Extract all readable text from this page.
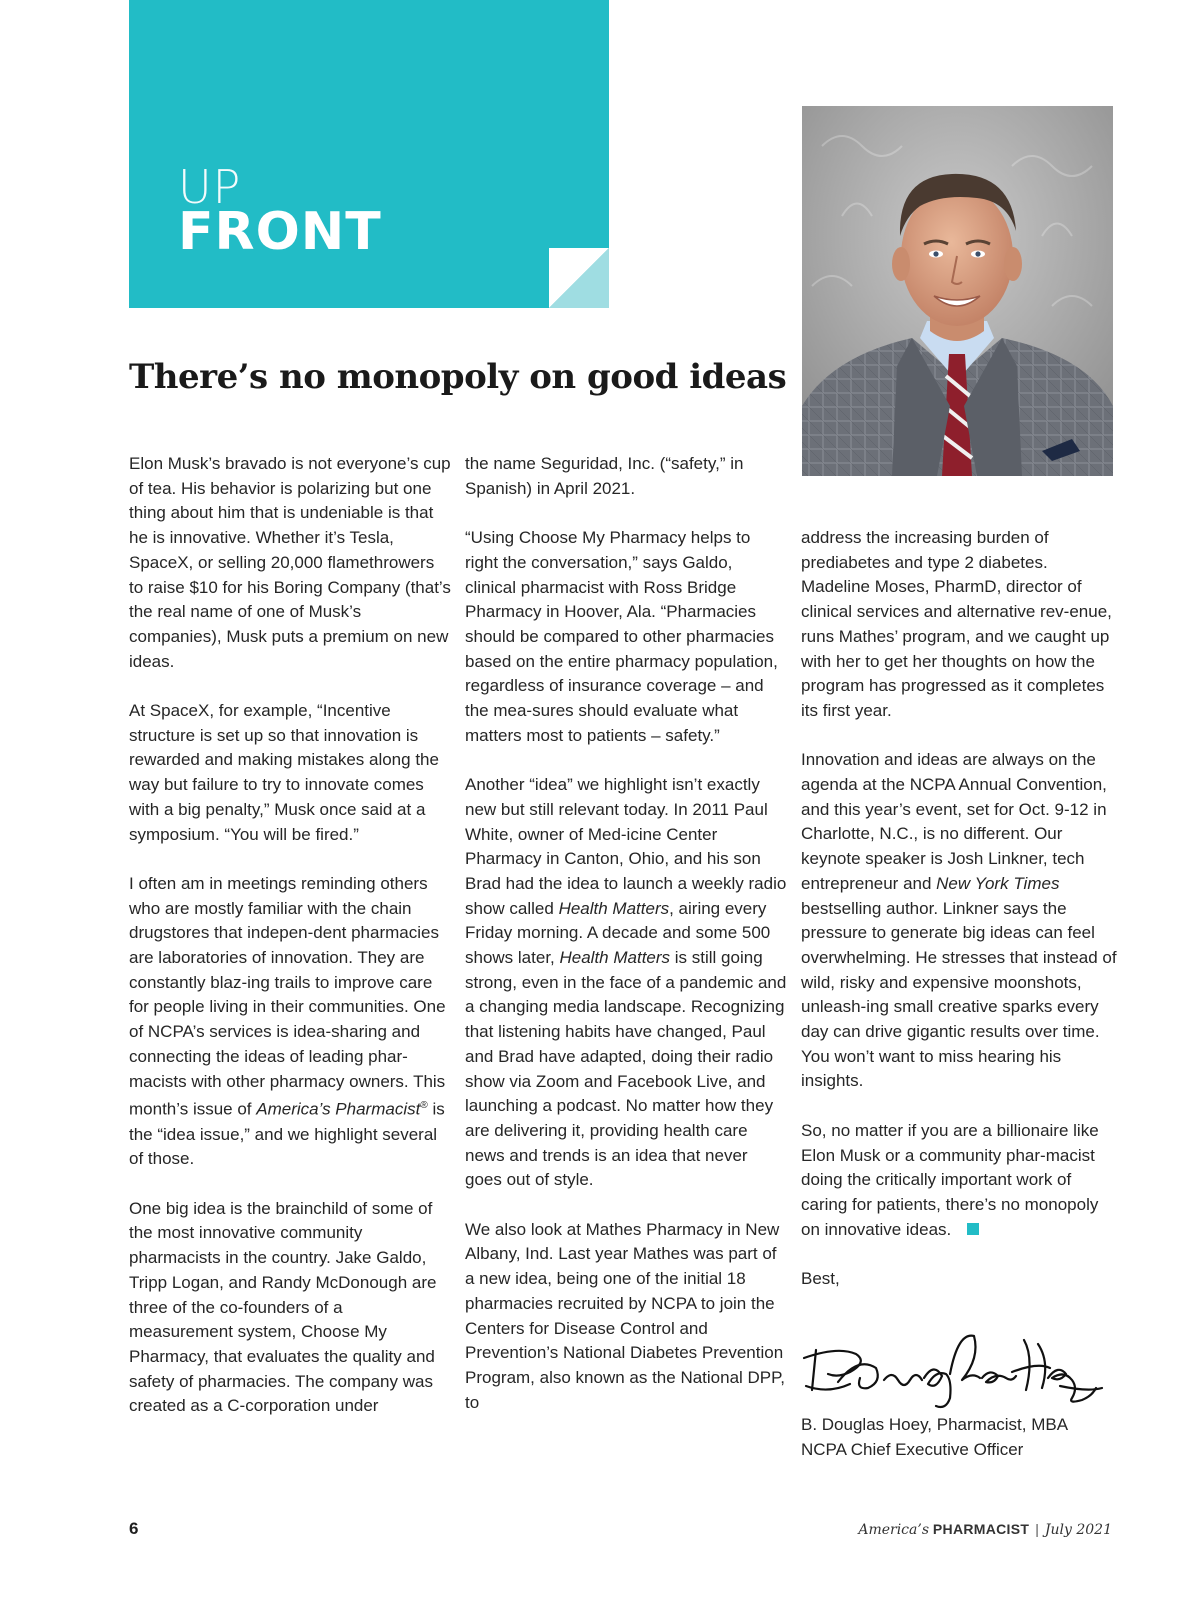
UP
FRONT
There’s no monopoly on good ideas

Elon Musk’s bravado is not everyone’s cup of tea. His behavior is polarizing but one thing about him that is undeniable is that he is innovative. Whether it’s Tesla, SpaceX, or selling 20,000 flamethrowers to raise $10 for his Boring Company (that’s the real name of one of Musk’s companies), Musk puts a premium on new ideas.

At SpaceX, for example, “Incentive structure is set up so that innovation is rewarded and making mistakes along the way but failure to try to innovate comes with a big penalty,” Musk once said at a symposium. “You will be fired.”

I often am in meetings reminding others who are mostly familiar with the chain drugstores that indepen-dent pharmacies are laboratories of innovation. They are constantly blaz-ing trails to improve care for people living in their communities. One of NCPA’s services is idea-sharing and connecting the ideas of leading phar-macists with other pharmacy owners. This month’s issue of America’s Pharmacist® is the “idea issue,” and we highlight several of those.

One big idea is the brainchild of some of the most innovative community pharmacists in the country. Jake Galdo, Tripp Logan, and Randy McDonough are three of the co-founders of a measurement system, Choose My Pharmacy, that evaluates the quality and safety of pharmacies. The company was created as a C-corporation under

the name Seguridad, Inc. (“safety,” in Spanish) in April 2021.

“Using Choose My Pharmacy helps to right the conversation,” says Galdo, clinical pharmacist with Ross Bridge Pharmacy in Hoover, Ala. “Pharmacies should be compared to other pharmacies based on the entire pharmacy population, regardless of insurance coverage – and the mea-sures should evaluate what matters most to patients – safety.”

Another “idea” we highlight isn’t exactly new but still relevant today. In 2011 Paul White, owner of Med-icine Center Pharmacy in Canton, Ohio, and his son Brad had the idea to launch a weekly radio show called Health Matters, airing every Friday morning. A decade and some 500 shows later, Health Matters is still going strong, even in the face of a pandemic and a changing media landscape. Recognizing that listening habits have changed, Paul and Brad have adapted, doing their radio show via Zoom and Facebook Live, and launching a podcast. No matter how they are delivering it, providing health care news and trends is an idea that never goes out of style.

We also look at Mathes Pharmacy in New Albany, Ind. Last year Mathes was part of a new idea, being one of the initial 18 pharmacies recruited by NCPA to join the Centers for Disease Control and Prevention’s National Diabetes Prevention Program, also known as the National DPP, to

address the increasing burden of prediabetes and type 2 diabetes. Madeline Moses, PharmD, director of clinical services and alternative rev-enue, runs Mathes’ program, and we caught up with her to get her thoughts on how the program has progressed as it completes its first year.

Innovation and ideas are always on the agenda at the NCPA Annual Convention, and this year’s event, set for Oct. 9-12 in Charlotte, N.C., is no different. Our keynote speaker is Josh Linkner, tech entrepreneur and New York Times bestselling author. Linkner says the pressure to generate big ideas can feel overwhelming. He stresses that instead of wild, risky and expensive moonshots, unleash-ing small creative sparks every day can drive gigantic results over time. You won’t want to miss hearing his insights.

So, no matter if you are a billionaire like Elon Musk or a community phar-macist doing the critically important work of caring for patients, there’s no monopoly on innovative ideas.

Best,

B. Douglas Hoey, Pharmacist, MBA
NCPA Chief Executive Officer
6	America’s PHARMACIST | July 2021
